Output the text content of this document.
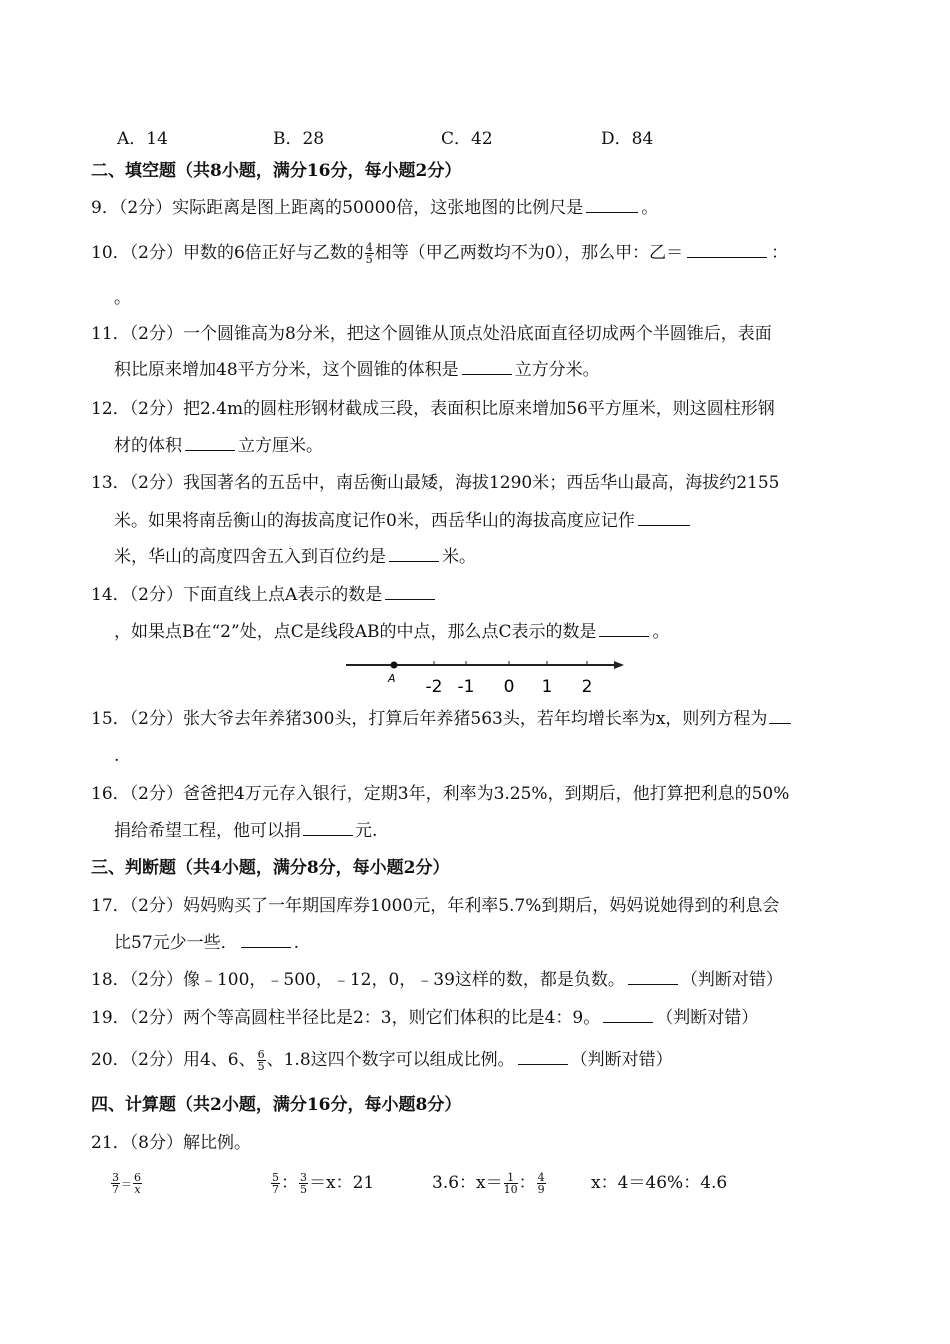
A．14	B．28	C．42	D．84
二、填空题（共8小题，满分16分，每小题2分）
9．（2分）实际距离是图上距离的50000倍，这张地图的比例尺是	。
10．（2分）甲数的6倍正好与乙数的 $\frac{4}{5}$ 相等（甲乙两数均不为0），那么甲：乙＝	：
。
11．（2分）一个圆锥高为8分米，把这个圆锥从顶点处沿底面直径切成两个半圆锥后，表面
积比原来增加48平方分米，这个圆锥的体积是	立方分米。
12．（2分）把2.4m的圆柱形钢材截成三段，表面积比原来增加56平方厘米，则这圆柱形钢
材的体积	立方厘米。
13．（2分）我国著名的五岳中，南岳衡山最矮，海拔1290米；西岳华山最高，海拔约2155
米。如果将南岳衡山的海拔高度记作0米，西岳华山的海拔高度应记作
米，华山的高度四舍五入到百位约是	米。
14．（2分）下面直线上点A表示的数是
，如果点B在“2”处，点C是线段AB的中点，那么点C表示的数是	。
A -2 -1 0 1 2
15．（2分）张大爷去年养猪300头，打算后年养猪563头，若年均增长率为x，则列方程为
.
16．（2分）爸爸把4万元存入银行，定期3年，利率为3.25%，到期后，他打算把利息的50%
捐给希望工程，他可以捐	元.
三、判断题（共4小题，满分8分，每小题2分）
17．（2分）妈妈购买了一年期国库券1000元，年利率5.7%到期后，妈妈说她得到的利息会
比57元少一些．	.
18．（2分）像﹣100，﹣500，﹣12，0，﹣39这样的数，都是负数。	（判断对错）
19．（2分）两个等高圆柱半径比是2：3，则它们体积的比是4：9。	（判断对错）
20．（2分）用4、6、 $\frac{6}{5}$ 、1.8这四个数字可以组成比例。	（判断对错）
四、计算题（共2小题，满分16分，每小题8分）
21．（8分）解比例。
$\frac{3}{7} = \frac{6}{x}$	$\frac{5}{7}$ ： $\frac{3}{5} =x$：21	3.6：$x= \frac{1}{10}$ ： $\frac{4}{9}$	x：4＝46%：4.6
